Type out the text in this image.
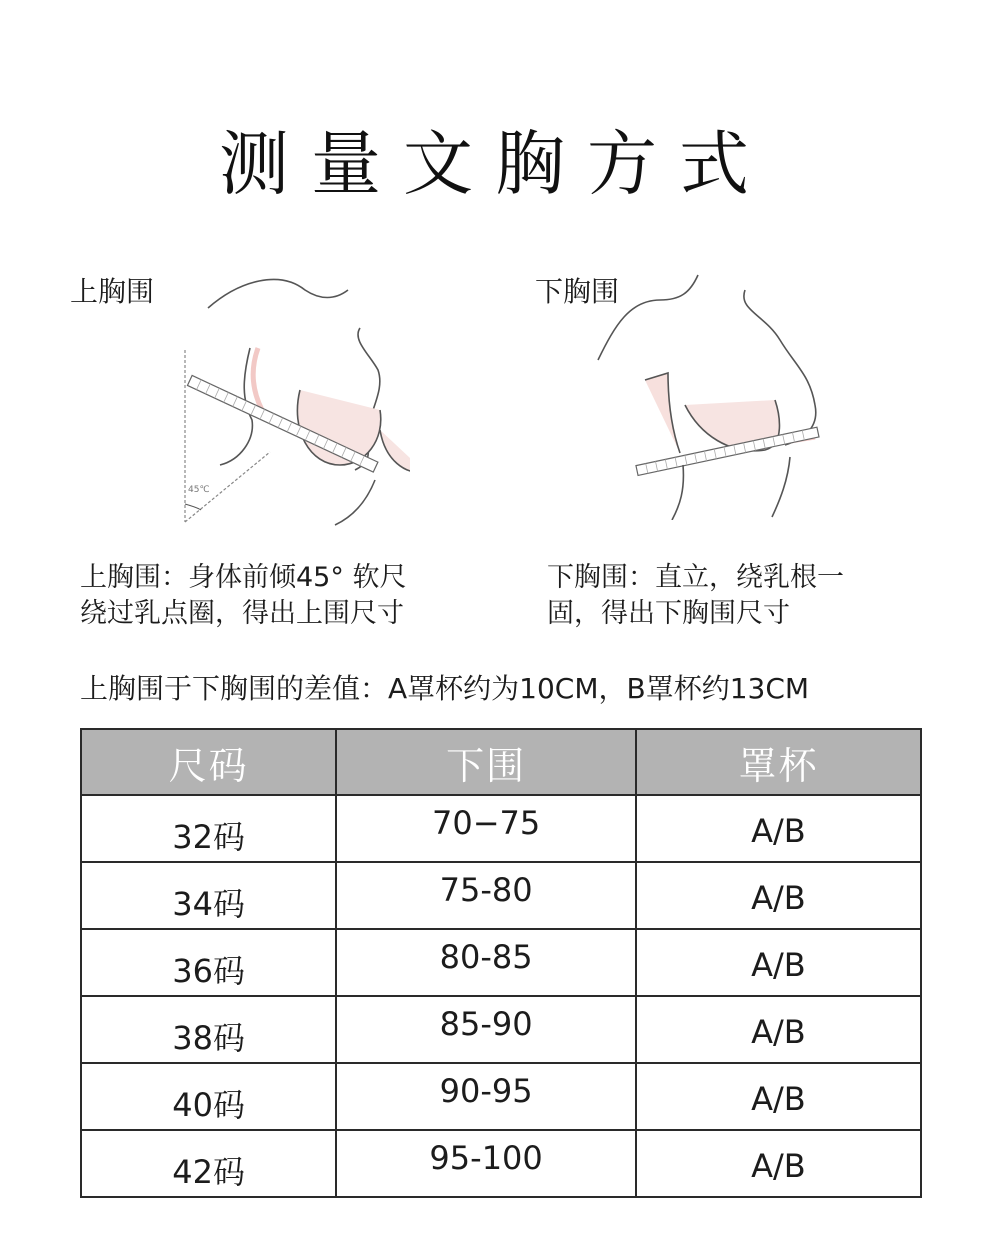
测量文胸方式
上胸围
45℃
上胸围：身体前倾45° 软尺
绕过乳点圈，得出上围尺寸
下胸围
下胸围：直立，绕乳根一
固，得出下胸围尺寸
上胸围于下胸围的差值：A罩杯约为10CM，B罩杯约13CM
尺码	下围	罩杯
32码	70−75	A/B
34码	75-80	A/B
36码	80-85	A/B
38码	85-90	A/B
40码	90-95	A/B
42码	95-100	A/B
